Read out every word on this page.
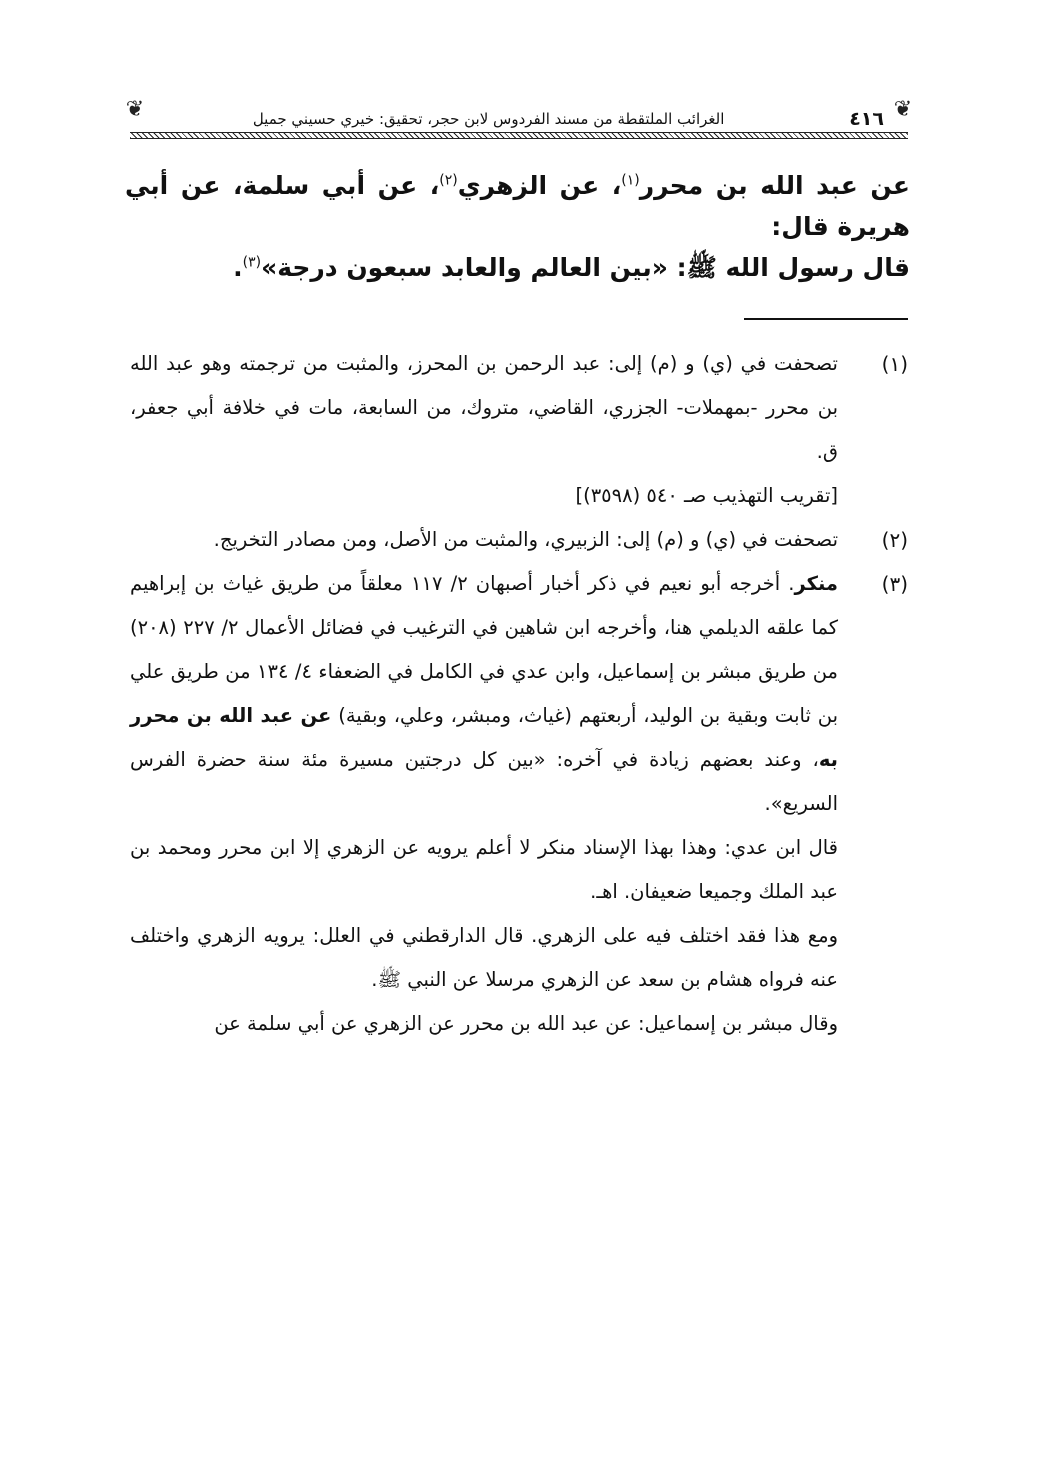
❦
٤١٦
الغرائب الملتقطة من مسند الفردوس لابن حجر، تحقيق: خيري حسيني جميل
❦

عن عبد الله بن محرر$^{(١)}$، عن الزهري$^{(٢)}$، عن أبي سلمة، عن أبي هريرة قال:

قال رسول الله ﷺ: «بين العالم والعابد سبعون درجة»$^{(٣)}$.

(١)
تصحفت في (ي) و (م) إلى: عبد الرحمن بن المحرز، والمثبت من ترجمته وهو عبد الله بن محرر -بمهملات- الجزري، القاضي، متروك، من السابعة، مات في خلافة أبي جعفر، ق.
[تقريب التهذيب صـ ٥٤٠ (٣٥٩٨)]
(٢)
تصحفت في (ي) و (م) إلى: الزبيري، والمثبت من الأصل، ومن مصادر التخريج.
(٣)
منكر. أخرجه أبو نعيم في ذكر أخبار أصبهان ٢/ ١١٧ معلقاً من طريق غياث بن إبراهيم كما علقه الديلمي هنا، وأخرجه ابن شاهين في الترغيب في فضائل الأعمال ٢/ ٢٢٧ (٢٠٨) من طريق مبشر بن إسماعيل، وابن عدي في الكامل في الضعفاء ٤/ ١٣٤ من طريق علي بن ثابت وبقية بن الوليد، أربعتهم (غياث، ومبشر، وعلي، وبقية) عن عبد الله بن محرر به، وعند بعضهم زيادة في آخره: «بين كل درجتين مسيرة مئة سنة حضرة الفرس السريع».
قال ابن عدي: وهذا بهذا الإسناد منكر لا أعلم يرويه عن الزهري إلا ابن محرر ومحمد بن عبد الملك وجميعا ضعيفان. اهـ.
ومع هذا فقد اختلف فيه على الزهري. قال الدارقطني في العلل: يرويه الزهري واختلف عنه فرواه هشام بن سعد عن الزهري مرسلا عن النبي ﷺ.
وقال مبشر بن إسماعيل: عن عبد الله بن محرر عن الزهري عن أبي سلمة عن
